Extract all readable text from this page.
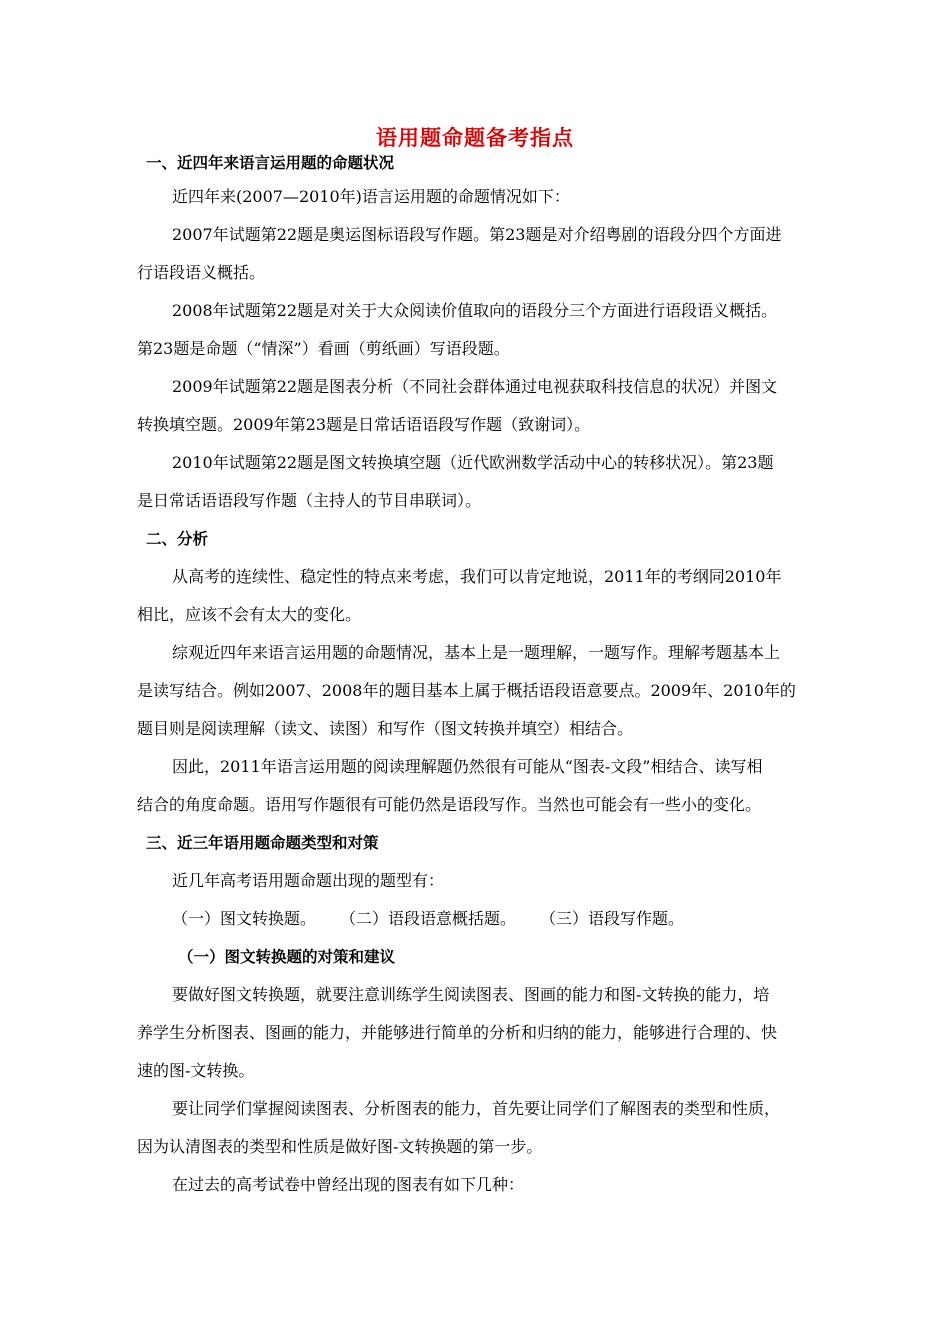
语用题命题备考指点
一、近四年来语言运用题的命题状况
近四年来(2007—2010年)语言运用题的命题情况如下：
2007年试题第22题是奥运图标语段写作题。第23题是对介绍粤剧的语段分四个方面进
行语段语义概括。
2008年试题第22题是对关于大众阅读价值取向的语段分三个方面进行语段语义概括。
第23题是命题（“情深”）看画（剪纸画）写语段题。
2009年试题第22题是图表分析（不同社会群体通过电视获取科技信息的状况）并图文
转换填空题。2009年第23题是日常话语语段写作题（致谢词）。
2010年试题第22题是图文转换填空题（近代欧洲数学活动中心的转移状况）。第23题
是日常话语语段写作题（主持人的节目串联词）。
二、分析
从高考的连续性、稳定性的特点来考虑，我们可以肯定地说，2011年的考纲同2010年
相比，应该不会有太大的变化。
综观近四年来语言运用题的命题情况，基本上是一题理解，一题写作。理解考题基本上
是读写结合。例如2007、2008年的题目基本上属于概括语段语意要点。2009年、2010年的
题目则是阅读理解（读文、读图）和写作（图文转换并填空）相结合。
因此，2011年语言运用题的阅读理解题仍然很有可能从“图表-文段”相结合、读写相
结合的角度命题。语用写作题很有可能仍然是语段写作。当然也可能会有一些小的变化。
三、近三年语用题命题类型和对策
近几年高考语用题命题出现的题型有：
（一）图文转换题。 （二）语段语意概括题。 （三）语段写作题。
（一）图文转换题的对策和建议
要做好图文转换题，就要注意训练学生阅读图表、图画的能力和图-文转换的能力，培
养学生分析图表、图画的能力，并能够进行简单的分析和归纳的能力，能够进行合理的、快
速的图-文转换。
要让同学们掌握阅读图表、分析图表的能力，首先要让同学们了解图表的类型和性质，
因为认清图表的类型和性质是做好图-文转换题的第一步。
在过去的高考试卷中曾经出现的图表有如下几种：
